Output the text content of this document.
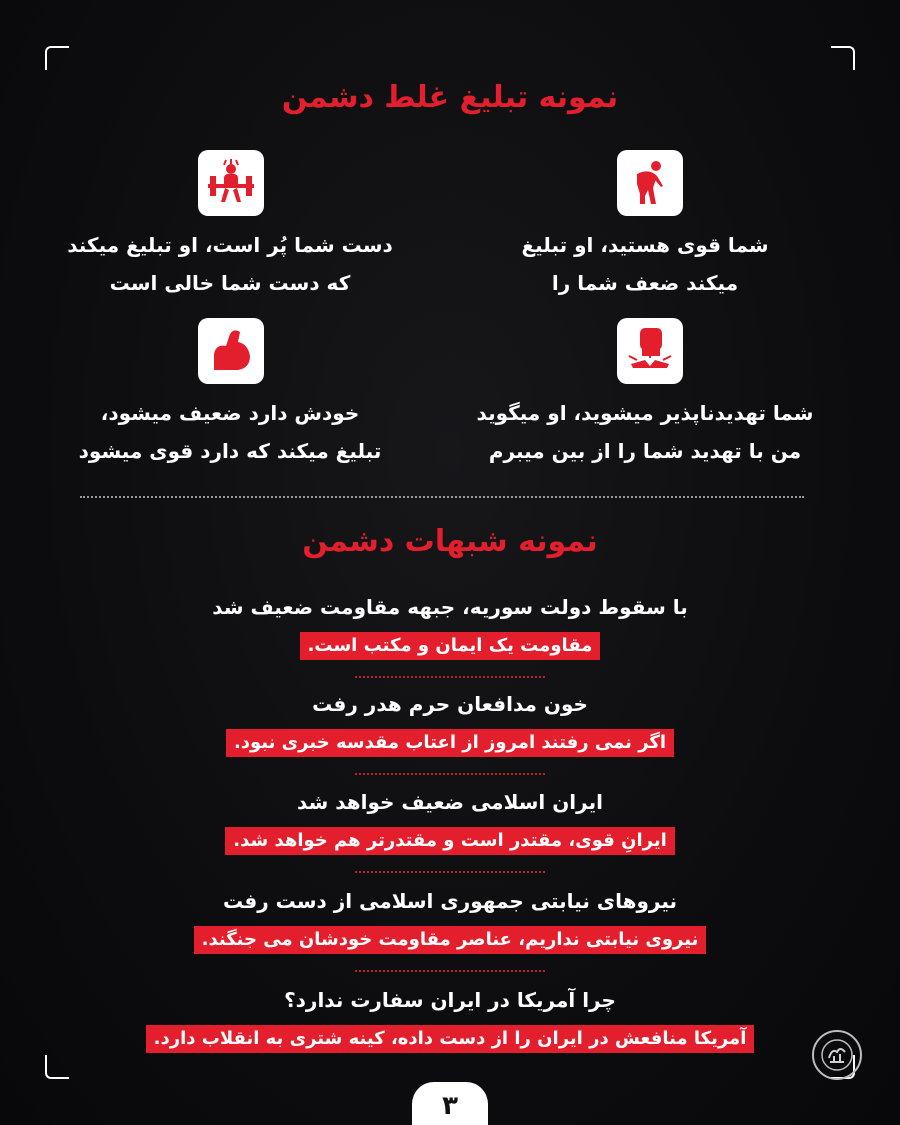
نمونه تبلیغ غلط دشمن
شما قوی هستید، او تبلیغ
میکند ضعف شما را
دست شما پُر است، او تبلیغ میکند
که دست شما خالی است
شما تهدیدناپذیر میشوید، او میگوید
من با تهدید شما را از بین میبرم
خودش دارد ضعیف میشود،
تبلیغ میکند که دارد قوی میشود
نمونه شبهات دشمن
با سقوط دولت سوریه، جبهه مقاومت ضعیف شد
مقاومت یک ایمان و مکتب است.
خون مدافعان حرم هدر رفت
اگر نمی رفتند امروز از اعتاب مقدسه خبری نبود.
ایران اسلامی ضعیف خواهد شد
ایرانِ قوی، مقتدر است و مقتدرتر هم خواهد شد.
نیروهای نیابتی جمهوری اسلامی از دست رفت
نیروی نیابتی نداریم، عناصر مقاومت خودشان می جنگند.
چرا آمریکا در ایران سفارت ندارد؟
آمریکا منافعش در ایران را از دست داده، کینه شتری به انقلاب دارد.
۳
